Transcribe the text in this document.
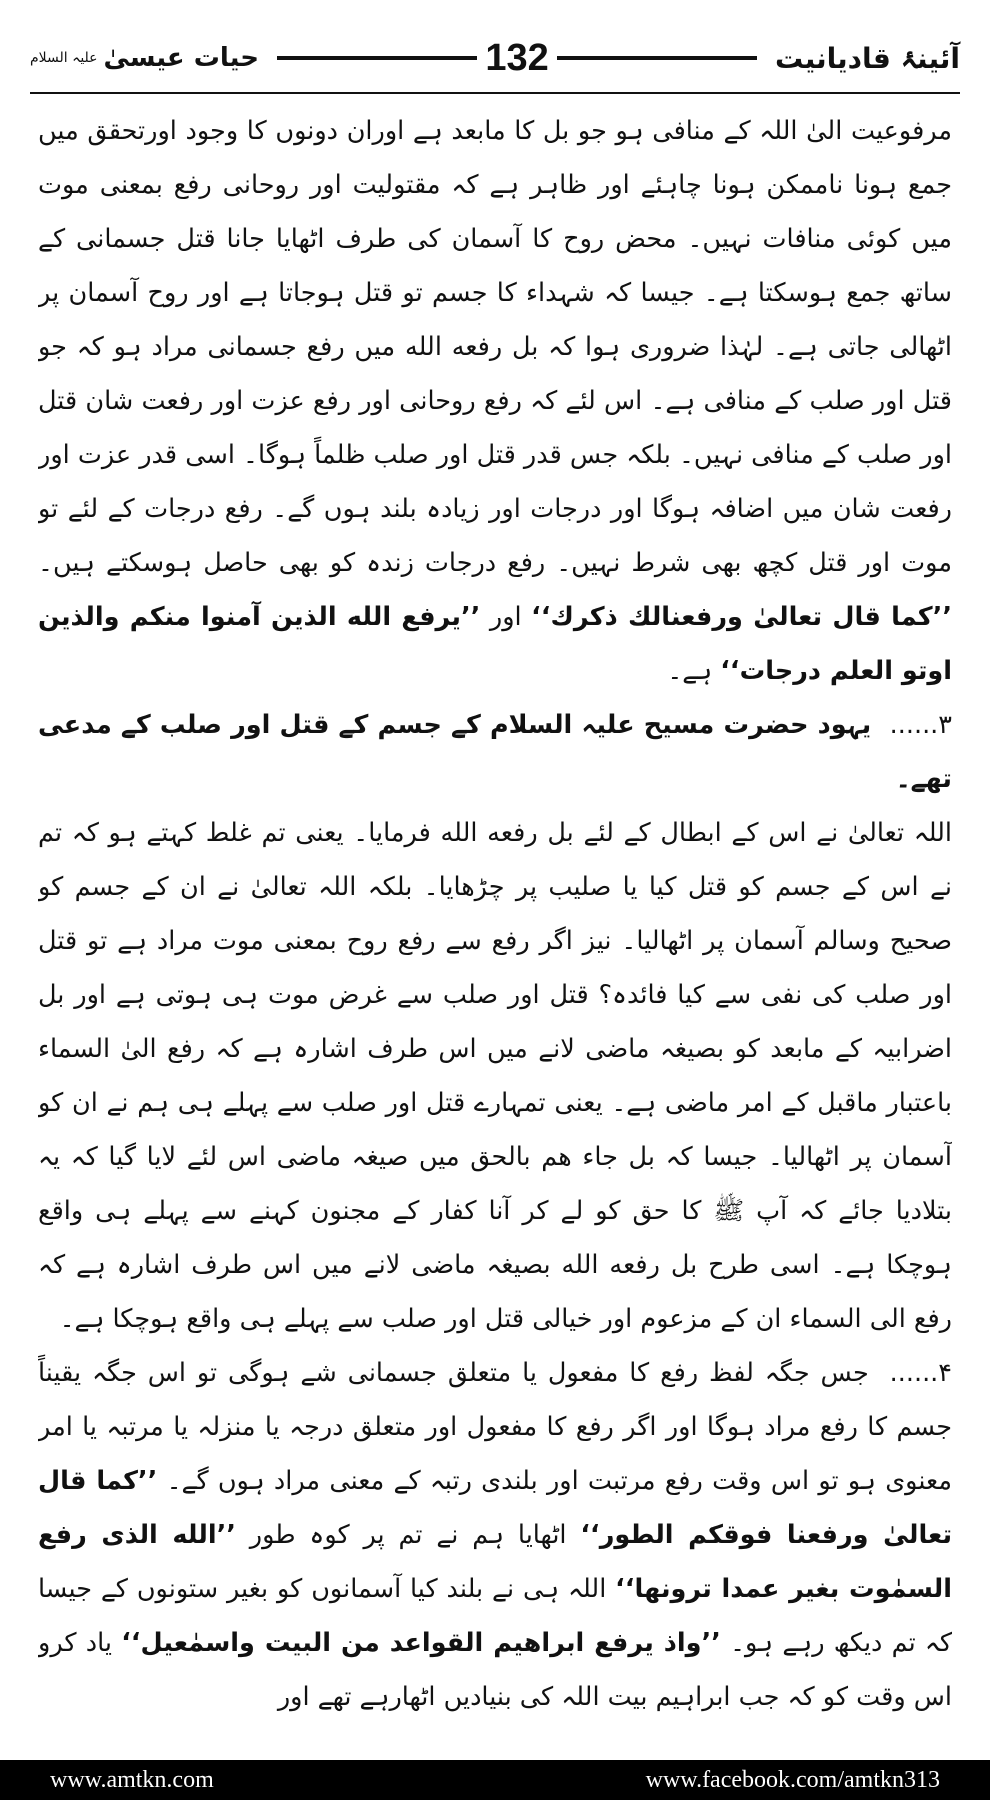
علیہ السلام حیات عیسیٰ	132	آئینۂ قادیانیت

مرفوعیت الیٰ اللہ کے منافی ہو جو بل کا مابعد ہے اوران دونوں کا وجود اورتحقق میں جمع ہونا ناممکن ہونا چاہئے اور ظاہر ہے کہ مقتولیت اور روحانی رفع بمعنی موت میں کوئی منافات نہیں۔ محض روح کا آسمان کی طرف اٹھایا جانا قتل جسمانی کے ساتھ جمع ہوسکتا ہے۔ جیسا کہ شہداء کا جسم تو قتل ہوجاتا ہے اور روح آسمان پر اٹھالی جاتی ہے۔ لہٰذا ضروری ہوا کہ بل رفعه الله میں رفع جسمانی مراد ہو کہ جو قتل اور صلب کے منافی ہے۔ اس لئے کہ رفع روحانی اور رفع عزت اور رفعت شان قتل اور صلب کے منافی نہیں۔ بلکہ جس قدر قتل اور صلب ظلماً ہوگا۔ اسی قدر عزت اور رفعت شان میں اضافہ ہوگا اور درجات اور زیادہ بلند ہوں گے۔ رفع درجات کے لئے تو موت اور قتل کچھ بھی شرط نہیں۔ رفع درجات زندہ کو بھی حاصل ہوسکتے ہیں۔ ’’کما قال تعالیٰ ورفعنالك ذكرك‘‘ اور ’’یرفع الله الذین آمنوا منکم والذین اوتو العلم درجات‘‘ ہے۔

۳...... یہود حضرت مسیح علیہ السلام کے جسم کے قتل اور صلب کے مدعی تھے۔

اللہ تعالیٰ نے اس کے ابطال کے لئے بل رفعه الله فرمایا۔ یعنی تم غلط کہتے ہو کہ تم نے اس کے جسم کو قتل کیا یا صلیب پر چڑھایا۔ بلکہ اللہ تعالیٰ نے ان کے جسم کو صحیح وسالم آسمان پر اٹھالیا۔ نیز اگر رفع سے رفع روح بمعنی موت مراد ہے تو قتل اور صلب کی نفی سے کیا فائدہ؟ قتل اور صلب سے غرض موت ہی ہوتی ہے اور بل اضرابیہ کے مابعد کو بصیغہ ماضی لانے میں اس طرف اشارہ ہے کہ رفع الیٰ السماء باعتبار ماقبل کے امر ماضی ہے۔ یعنی تمہارے قتل اور صلب سے پہلے ہی ہم نے ان کو آسمان پر اٹھالیا۔ جیسا کہ بل جاء هم بالحق میں صیغہ ماضی اس لئے لایا گیا کہ یہ بتلادیا جائے کہ آپ ﷺ کا حق کو لے کر آنا کفار کے مجنون کہنے سے پہلے ہی واقع ہوچکا ہے۔ اسی طرح بل رفعه الله بصیغہ ماضی لانے میں اس طرف اشارہ ہے کہ رفع الی السماء ان کے مزعوم اور خیالی قتل اور صلب سے پہلے ہی واقع ہوچکا ہے۔

۴...... جس جگہ لفظ رفع کا مفعول یا متعلق جسمانی شے ہوگی تو اس جگہ یقیناً جسم کا رفع مراد ہوگا اور اگر رفع کا مفعول اور متعلق درجہ یا منزلہ یا مرتبہ یا امر معنوی ہو تو اس وقت رفع مرتبت اور بلندی رتبہ کے معنی مراد ہوں گے۔ ’’کما قال تعالیٰ ورفعنا فوقکم الطور‘‘ اٹھایا ہم نے تم پر کوہ طور ’’الله الذی رفع السمٰوت بغیر عمدا ترونها‘‘ اللہ ہی نے بلند کیا آسمانوں کو بغیر ستونوں کے جیسا کہ تم دیکھ رہے ہو۔ ’’واذ یرفع ابراهیم القواعد من البیت واسمٰعیل‘‘ یاد کرو اس وقت کو کہ جب ابراہیم بیت اللہ کی بنیادیں اٹھارہے تھے اور

www.amtkn.com	www.facebook.com/amtkn313
